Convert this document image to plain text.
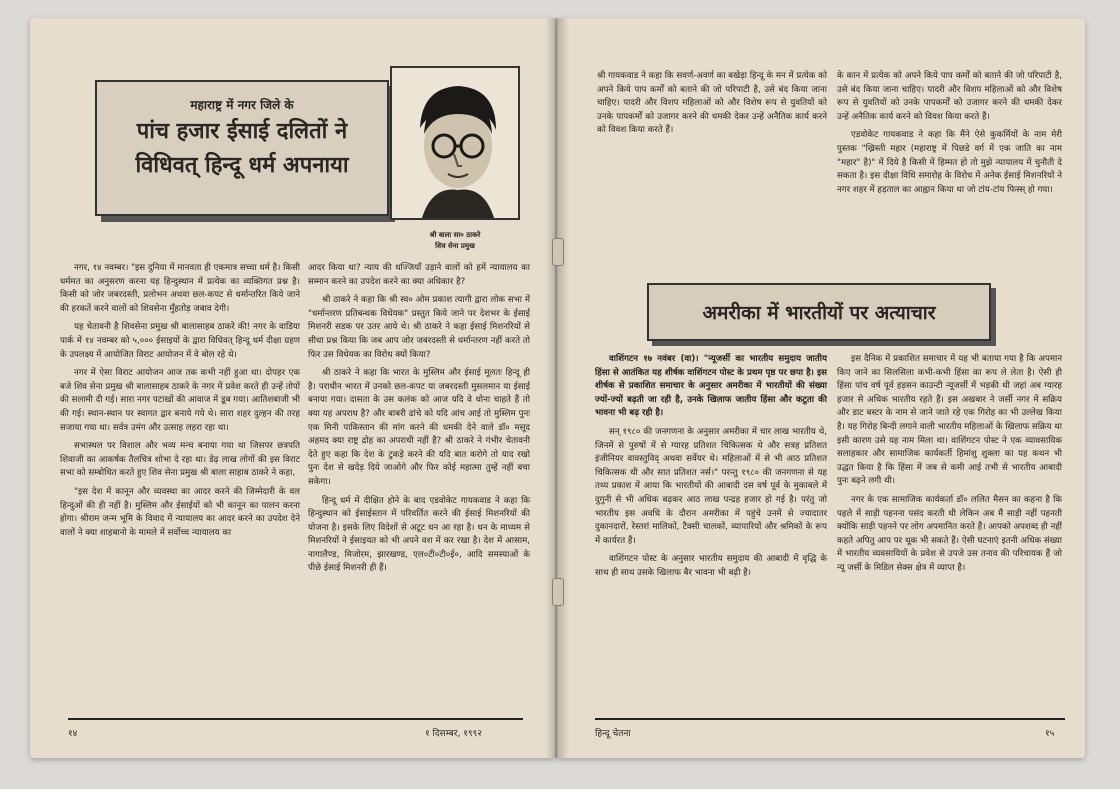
महाराष्ट्र में नगर जिले के
पांच हजार ईसाई दलितों ने
विधिवत् हिन्दू धर्म अपनाया
श्री बाला सा० ठाकरे
शिव सेना प्रमुख

नगर, १४ नवम्बर। "इस दुनिया में मानवता ही एकमात्र सच्चा धर्म है। किसी धर्ममत का अनुसरण करना यह हिन्दुस्थान में प्रत्येक का व्यक्तिगत प्रश्न है। किसी को जोर जबरदस्ती, प्रलोभन अथवा छल-कपट से धर्मान्तरित किये जाने की हरकतें करने वालों को शिवसेना मुँहतोड़ जबाव देगी।

यह चेतावनी है शिवसेना प्रमुख श्री बालासाहब ठाकरे की! नगर के वाडिया पार्क में १४ नवम्बर को ५,००० ईसाइयों के द्वारा विधिवत् हिन्दू धर्म दीक्षा ग्रहण के उपलक्ष्य में आयोजित विराट आयोजन में वे बोल रहे थे।

नगर में ऐसा विराट आयोजन आज तक कभी नहीं हुआ था। दोपहर एक बजे शिव सेना प्रमुख श्री बालासाहब ठाकरे के नगर में प्रवेश करते ही उन्हें तोपों की सलामी दी गई। सारा नगर पटाखों की आवाज में डूब गया। आतिशबाजी भी की गई। स्थान-स्थान पर स्वागत द्वार बनाये गये थे। सारा शहर दुल्हन की तरह सजाया गया था। सर्वत्र उमंग और उत्साह लहरा रहा था।

सभास्थल पर विशाल और भव्य मन्च बनाया गया था जिसपर छत्रपति शिवाजी का आकर्षक तैलचित्र शोभा दे रहा था। डेढ़ लाख लोगों की इस विराट सभा को सम्बोधित करते हुए शिव सेना प्रमुख श्री बाला साहाब ठाकरे ने कहा,

"इस देश में कानून और व्यवस्था का आदर करने की जिम्मेदारी के वल हिन्दुओं की ही नहीं है। मुस्लिम और ईसाईयों को भी कानून का पालन करना होगा। श्रीराम जन्म भूमि के विवाद में न्यायालय का आदर करने का उपदेश देने वालों ने क्या शाहबानो के मामले में सर्वोच्च न्यायालय का

आदर किया था? न्याय की धज्जियाँ उड़ाने वालों को हमें न्यायालय का सम्मान करने का उपदेश करने का क्या अधिकार है?

श्री ठाकरे ने कहा कि श्री स्व० ओम प्रकाश त्यागी द्वारा लोक सभा में "धर्मान्तरण प्रतिबन्धक विधेयक" प्रस्तुत किये जाने पर देशभर के ईसाई मिशनरी सडक पर उतर आये थे। श्री ठाकरे ने कहा ईसाई मिशनरियों से सीधा प्रश्न किया कि जब आप जोर जबरदस्ती से धर्मान्तरण नहीं करते तो फिर उस विधेयक का विरोध क्यों किया?

श्री ठाकरे ने कहा कि भारत के मुस्लिम और ईसाई मूलतः हिन्दू ही है। पराधीन भारत में उनको छल-कपट या जबरदस्ती मुसलमान या ईसाई बनाया गया। दासता के उस कलंक को आज यदि वे धोना चाहते हैं तो क्या यह अपराध है? और बाबरी ढांचे को यदि आंच आई तो मुस्लिम पुनः एक मिनी पाकिस्तान की मांग करने की धमकी देने वाले डॉ० मसूद अहमद क्या राष्ट्र द्रोह का अपराधी नहीं है? श्री ठाकरे ने गंभीर चेतावनी देते हुए कहा कि देश के टुकड़े करने की यदि बात करोगे तो याद रखो पुनः देश से खदेड़ दिये जाओगे और फिर कोई महात्मा तुम्हें नहीं बचा सकेगा।

हिन्दू धर्म में दीक्षित होने के बाद एडवोकेट गायकवाड ने कहा कि हिन्दुस्थान को ईसाईस्तान में परिवर्तित करने की ईसाई मिशनरियों की योजना है। इसके लिए विदेशों से अटूट धन आ रहा है। धन के माध्यम से मिशनरियों ने ईसाइयत को भी अपने वश में कर रखा है। देश में आसाम, नागालैण्ड, मिजोरम, झारखण्ड, एल०टी०टी०ई०, आदि समस्याओं के पीछे ईसाई मिशनरी ही हैं।

१४	१ दिसम्बर, १९९२

श्री गायकवाड ने कहा कि सवर्ण-अवर्ण का बखेड़ा हिन्दू के मन में प्रत्येक को अपने किये पाप कर्मों को बताने की जो परिपाटी है, उसे बंद किया जाना चाहिए। पादरी और विशप महिलाओं को और विशेष रूप से युवतियों को उनके पापकर्मों को उजागर करने की धमकी देकर उन्हें अनैतिक कार्य करने को विवश किया करते हैं।

के कान में प्रत्येक को अपने किये पाप कर्मों को बताने की जो परिपाटी है, उसे बंद किया जाना चाहिए। पादरी और विशप महिलाओं को और विशेष रूप से युवतियों को उनके पापकर्मों को उजागर करने की धमकी देकर उन्हें अनैतिक कार्य करने को विवश किया करते हैं।

एडवोकेट गायकवाड ने कहा कि मैंने ऐसे कुकर्मियों के नाम मेरी पुस्तक "ख्रिस्ती महार (महाराष्ट्र में पिछडे वर्ग में एक जाति का नाम "महार" है)" में दिये है किसी में हिम्मत हो तो मुझे न्यायालय में चुनौती दे सकता है। इस दीक्षा विधि समारोह के विरोध में अनेक ईसाई मिशनरियों ने नगर शहर में हड़ताल का आह्वान किया था जो टांय-टांय फिस्स् हो गया।

अमरीका में भारतीयों पर अत्याचार

वाशिंगटन १७ नवंबर (वा)। "न्यूजर्सी का भारतीय समुदाय जातीय हिंसा से आतंकित यह शीर्षक वाशिंगटन पोस्ट के प्रथम पृष्ठ पर छपा है। इस शीर्षक से प्रकाशित समाचार के अनुसार अमरीका में भारतीयों की संख्या ज्यों-ज्यों बढ़ती जा रही है, उनके खिलाफ जातीय हिंसा और कटुता की भावना भी बढ़ रही है।

सन् १९८० की जनगणना के अनुसार अमरीका में चार लाख भारतीय थे, जिनमें से पुरुषों में से ग्यारह प्रतिशत चिकित्सक थे और सत्रह प्रतिशत इंजीनियर वावस्तुविद् अथवा सर्वेयर थे। महिलाओं में से भी आठ प्रतिशत चिकित्सक थी और सात प्रतिशत नर्स।" परन्तु १९८० की जनगणना से यह तथ्य प्रकाश में आया कि भारतीयों की आबादी दस वर्ष पूर्व के मुकाबले में दुगुनी से भी अधिक बढ़कर आठ लाख पन्द्रह हजार हो गई है। परंतु जो भारतीय इस अवधि के दौरान अमरीका में पहुंचे उनमें से ज्यादातर दुकानदारों, रेस्तरां मालिकों, टैक्सी चालकों, व्यापारियों और श्रमिकों के रूप में कार्यरत हैं।

वाशिंगटन पोस्ट के अनुसार भारतीय समुदाय की आबादी में वृद्धि के साथ ही साथ उसके खिलाफ बैर भावना भी बढ़ी है।

इस दैनिक में प्रकाशित समाचार में यह भी बताया गया है कि अपमान किए जाने का सिलसिला कभी-कभी हिंसा का रूप ले लेता है। ऐसी ही हिंसा पांच वर्ष पूर्व हड़सन काउन्टी न्यूजर्सी में भड़की थी जहां अब ग्यारह हजार से अधिक भारतीय रहते हैं। इस अखबार ने जर्सी नगर में सक्रिय और डाट बस्टर के नाम से जाने जाते रहे एक गिरोह का भी उल्लेख किया है। यह गिरोह बिन्दी लगाने वाली भारतीय महिलाओं के खिलाफ सक्रिय था इसी कारण उसे यह नाम मिला था। वाशिंगटन पोस्ट ने एक व्यावसायिक सलाहकार और सामाजिक कार्यकर्ती हिमांशु शुक्ला का यह कथन भी उद्धत किया है कि हिंसा में जब से कमी आई तभी से भारतीय आबादी पुनः बढ़ने लगी थी।

नगर के एक सामाजिक कार्यकर्ता डॉ० ललित मैसन का कहना है कि पहले में साड़ी पहनना पसंद करती थी लेकिन अब मैं साड़ी नहीं पहनती क्योंकि साड़ी पहनने पर लोग अपमानित करते हैं। आपको अपशब्द ही नहीं कहते अपितु आप पर थूक भी सकते हैं। ऐसी घटनाएं इतनी अधिक संख्या में भारतीय व्यवसायियों के प्रवेश से उपजे उस तनाव की परिचायक हैं जो न्यू जर्सी के मिडिल सेक्स क्षेत्र में व्याप्त है।

हिन्दू चेतना	१५
